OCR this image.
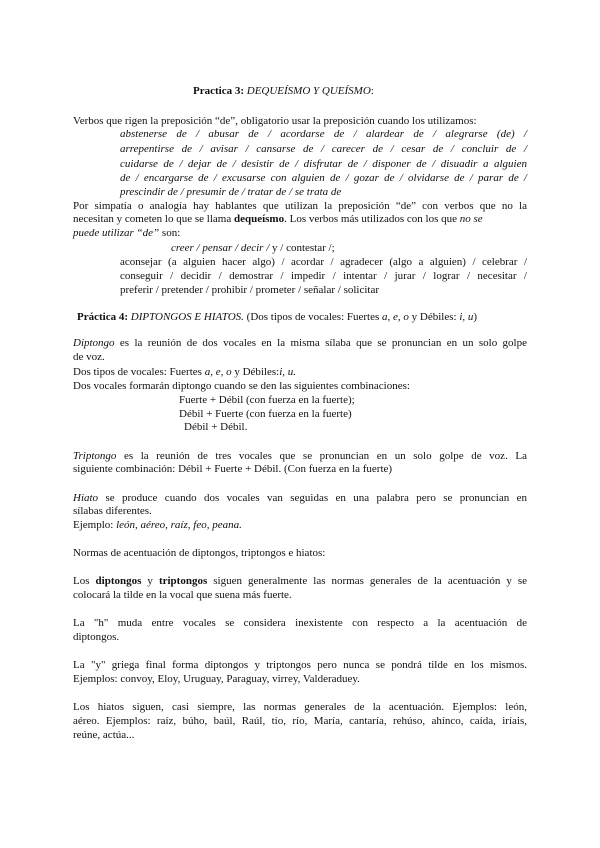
Practica 3: DEQUEÍSMO Y QUEÍSMO:
Verbos que rigen la preposición “de”, obligatorio usar la preposición cuando los utilizamos:
abstenerse de / abusar de / acordarse de / alardear de / alegrarse (de) /
arrepentirse de / avisar / cansarse de / carecer de / cesar de / concluir de /
cuidarse de / dejar de / desistir de / disfrutar de / disponer de / disuadir a alguien
de / encargarse de / excusarse con alguien de / gozar de / olvidarse de / parar de /
prescindir de / presumir de / tratar de / se trata de
Por simpatía o analogía hay hablantes que utilizan la preposición “de” con verbos que no la
necesitan y cometen lo que se llama dequeísmo. Los verbos más utilizados con los que no se
puede utilizar “de” son:
creer / pensar / decir / y / contestar /;
aconsejar (a alguien hacer algo) / acordar / agradecer (algo a alguien) / celebrar /
conseguir / decidir / demostrar / impedir / intentar / jurar / lograr / necesitar /
preferir / pretender / prohibir / prometer / señalar / solicitar
Práctica 4: DIPTONGOS E HIATOS. (Dos tipos de vocales: Fuertes a, e, o y Débiles: i, u)
Diptongo es la reunión de dos vocales en la misma sílaba que se pronuncian en un solo golpe
de voz.
Dos tipos de vocales: Fuertes a, e, o y Débiles:i, u.
Dos vocales formarán diptongo cuando se den las siguientes combinaciones:
Fuerte + Débil (con fuerza en la fuerte);
Débil + Fuerte (con fuerza en la fuerte)
Débil + Débil.
Triptongo es la reunión de tres vocales que se pronuncian en un solo golpe de voz. La
siguiente combinación: Débil + Fuerte + Débil. (Con fuerza en la fuerte)
Hiato se produce cuando dos vocales van seguidas en una palabra pero se pronuncian en
sílabas diferentes.
Ejemplo: león, aéreo, raíz, feo, peana.
Normas de acentuación de diptongos, triptongos e hiatos:
Los diptongos y triptongos siguen generalmente las normas generales de la acentuación y se
colocará la tilde en la vocal que suena más fuerte.
La "h" muda entre vocales se considera inexistente con respecto a la acentuación de
diptongos.
La "y" griega final forma diptongos y triptongos pero nunca se pondrá tilde en los mismos.
Ejemplos: convoy, Eloy, Uruguay, Paraguay, virrey, Valderaduey.
Los hiatos siguen, casi siempre, las normas generales de la acentuación. Ejemplos: león,
aéreo. Ejemplos: raíz, búho, baúl, Raúl, tío, río, María, cantaría, rehúso, ahínco, caída, iríais,
reúne, actúa...
